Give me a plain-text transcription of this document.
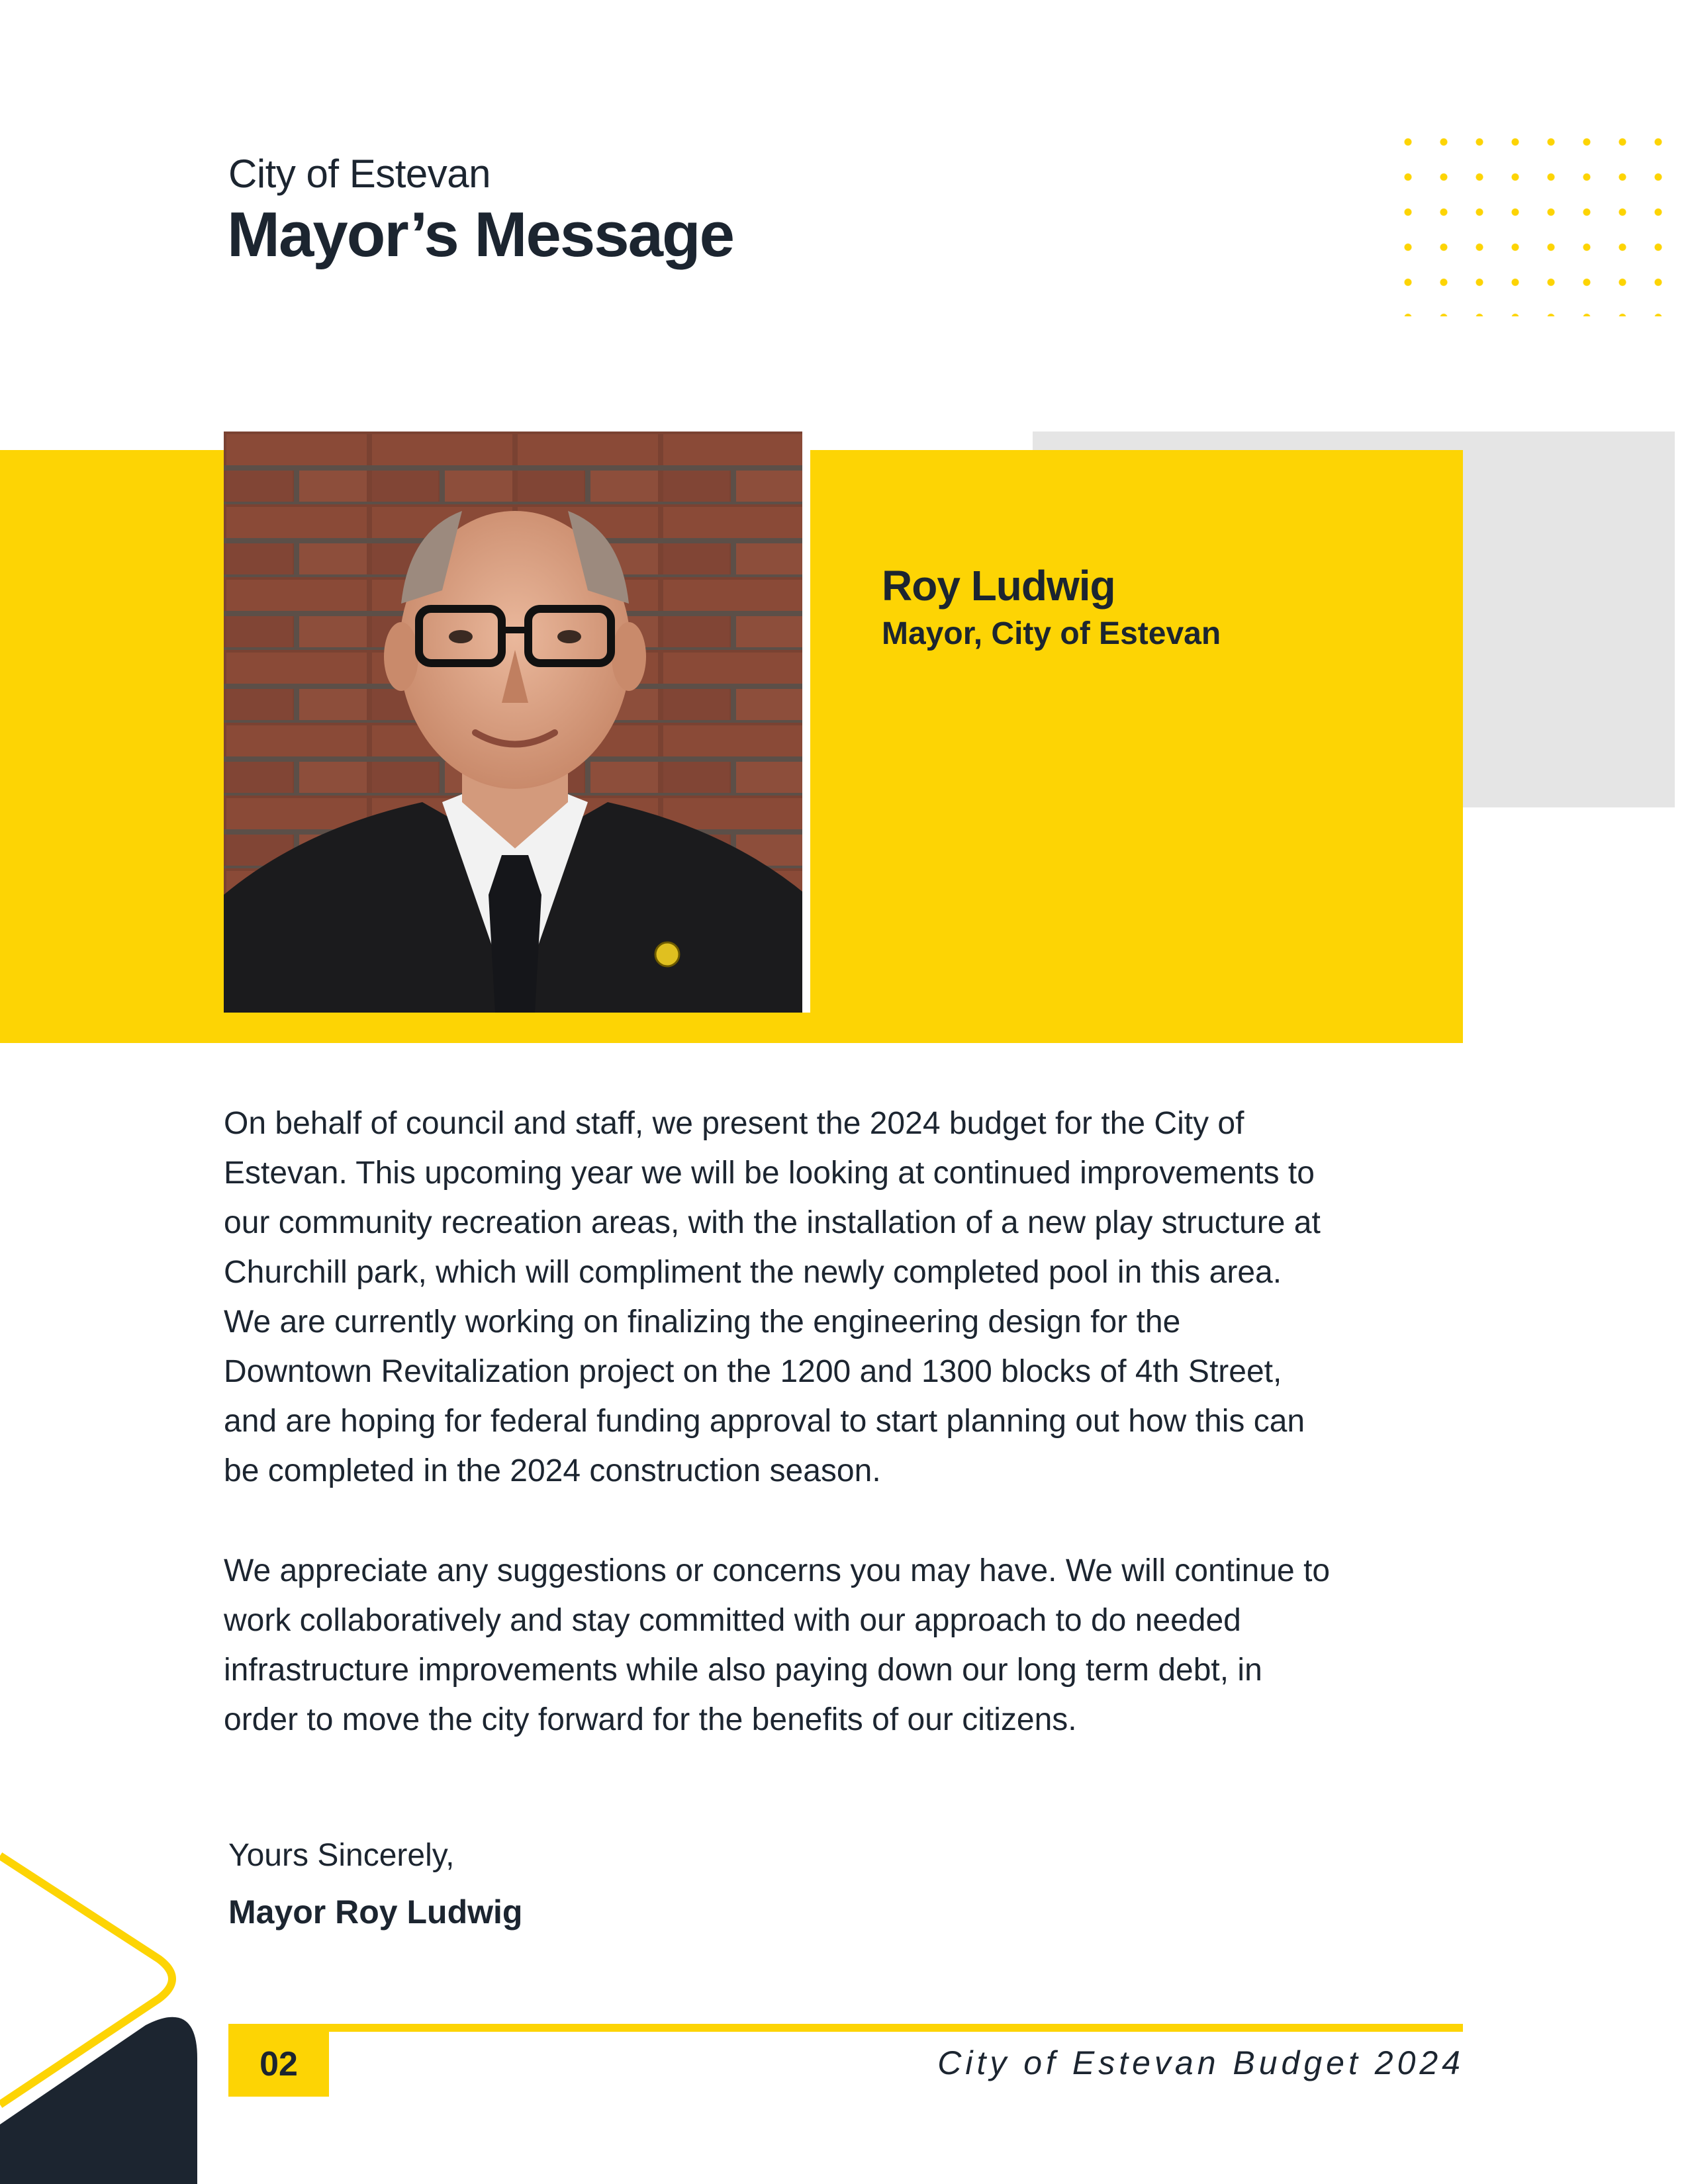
City of Estevan
Mayor’s Message
Roy Ludwig
Mayor, City of Estevan
On behalf of council and staff, we present the 2024 budget for the City of
Estevan. This upcoming year we will be looking at continued improvements to
our community recreation areas, with the installation of a new play structure at
Churchill park, which will compliment the newly completed pool in this area.
We are currently working on finalizing the engineering design for the
Downtown Revitalization project on the 1200 and 1300 blocks of 4th Street,
and are hoping for federal funding approval to start planning out how this can
be completed in the 2024 construction season.
We appreciate any suggestions or concerns you may have. We will continue to
work collaboratively and stay committed with our approach to do needed
infrastructure improvements while also paying down our long term debt, in
order to move the city forward for the benefits of our citizens.
Yours Sincerely,
Mayor Roy Ludwig
02	City of Estevan Budget 2024
